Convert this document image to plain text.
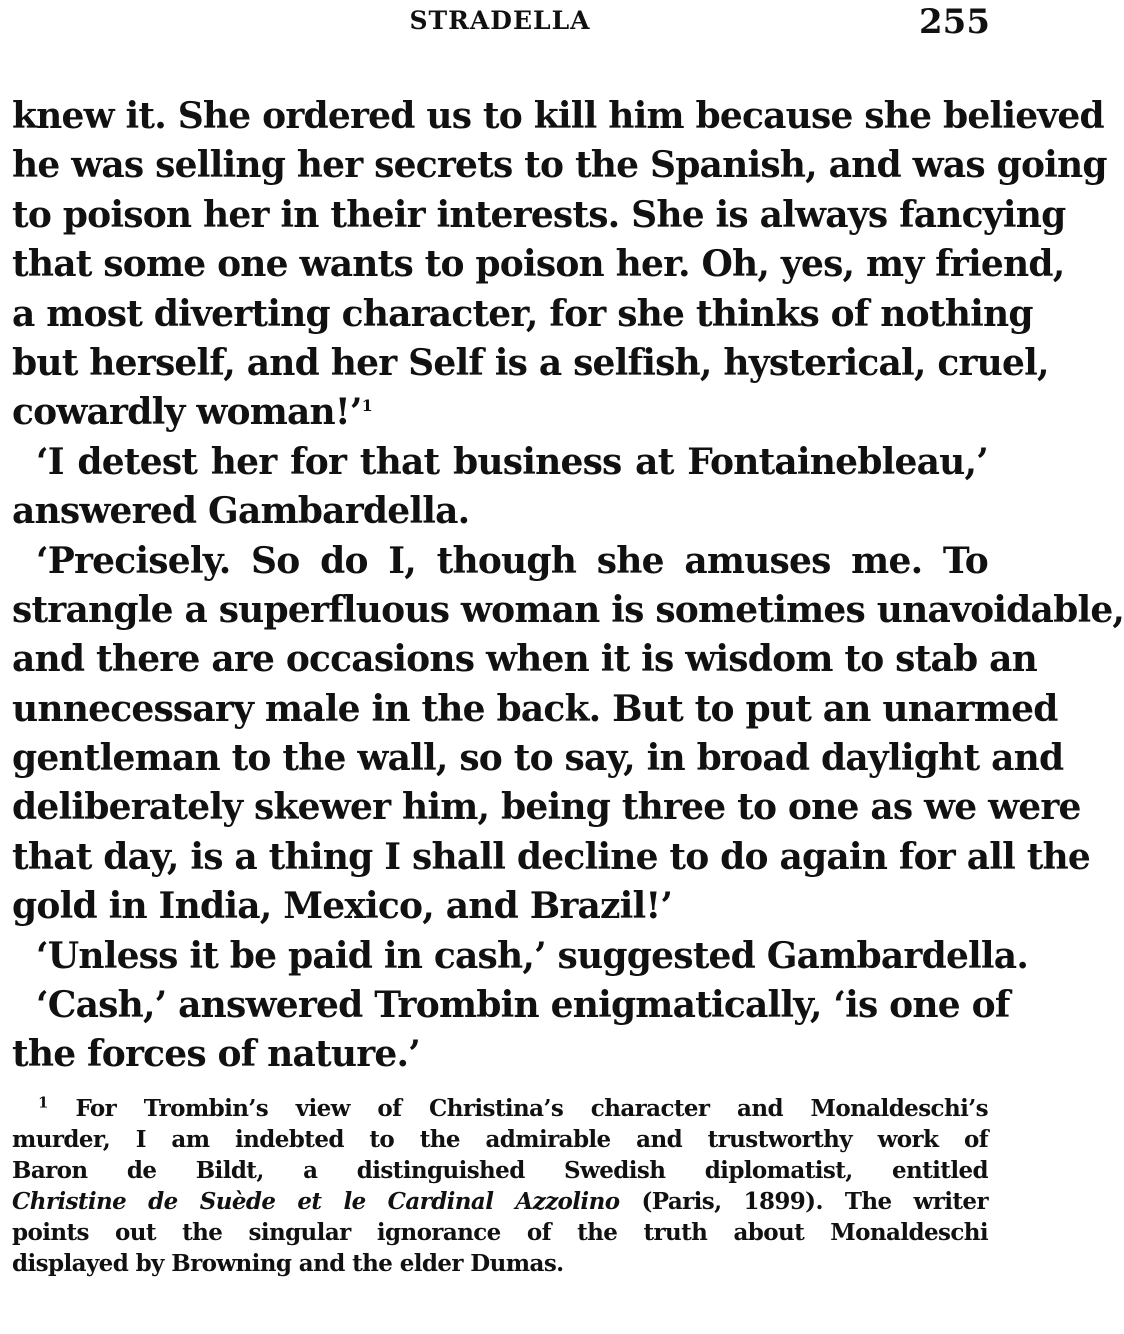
STRADELLA	255
knew it. She ordered us to kill him because she believed
he was selling her secrets to the Spanish, and was going
to poison her in their interests. She is always fancying
that some one wants to poison her. Oh, yes, my friend,
a most diverting character, for she thinks of nothing
but herself, and her Self is a selfish, hysterical, cruel,
cowardly woman!’$^1$
‘I detest her for that business at Fontainebleau,’
answered Gambardella.
‘Precisely. So do I, though she amuses me. To
strangle a superfluous woman is sometimes unavoidable,
and there are occasions when it is wisdom to stab an
unnecessary male in the back. But to put an unarmed
gentleman to the wall, so to say, in broad daylight and
deliberately skewer him, being three to one as we were
that day, is a thing I shall decline to do again for all the
gold in India, Mexico, and Brazil!’
‘Unless it be paid in cash,’ suggested Gambardella.
‘Cash,’ answered Trombin enigmatically, ‘is one of
the forces of nature.’
$^1$ For Trombin’s view of Christina’s character and Monaldeschi’s
murder, I am indebted to the admirable and trustworthy work of
Baron de Bildt, a distinguished Swedish diplomatist, entitled
Christine de Suède et le Cardinal Azzolino (Paris, 1899). The writer
points out the singular ignorance of the truth about Monaldeschi
displayed by Browning and the elder Dumas.
